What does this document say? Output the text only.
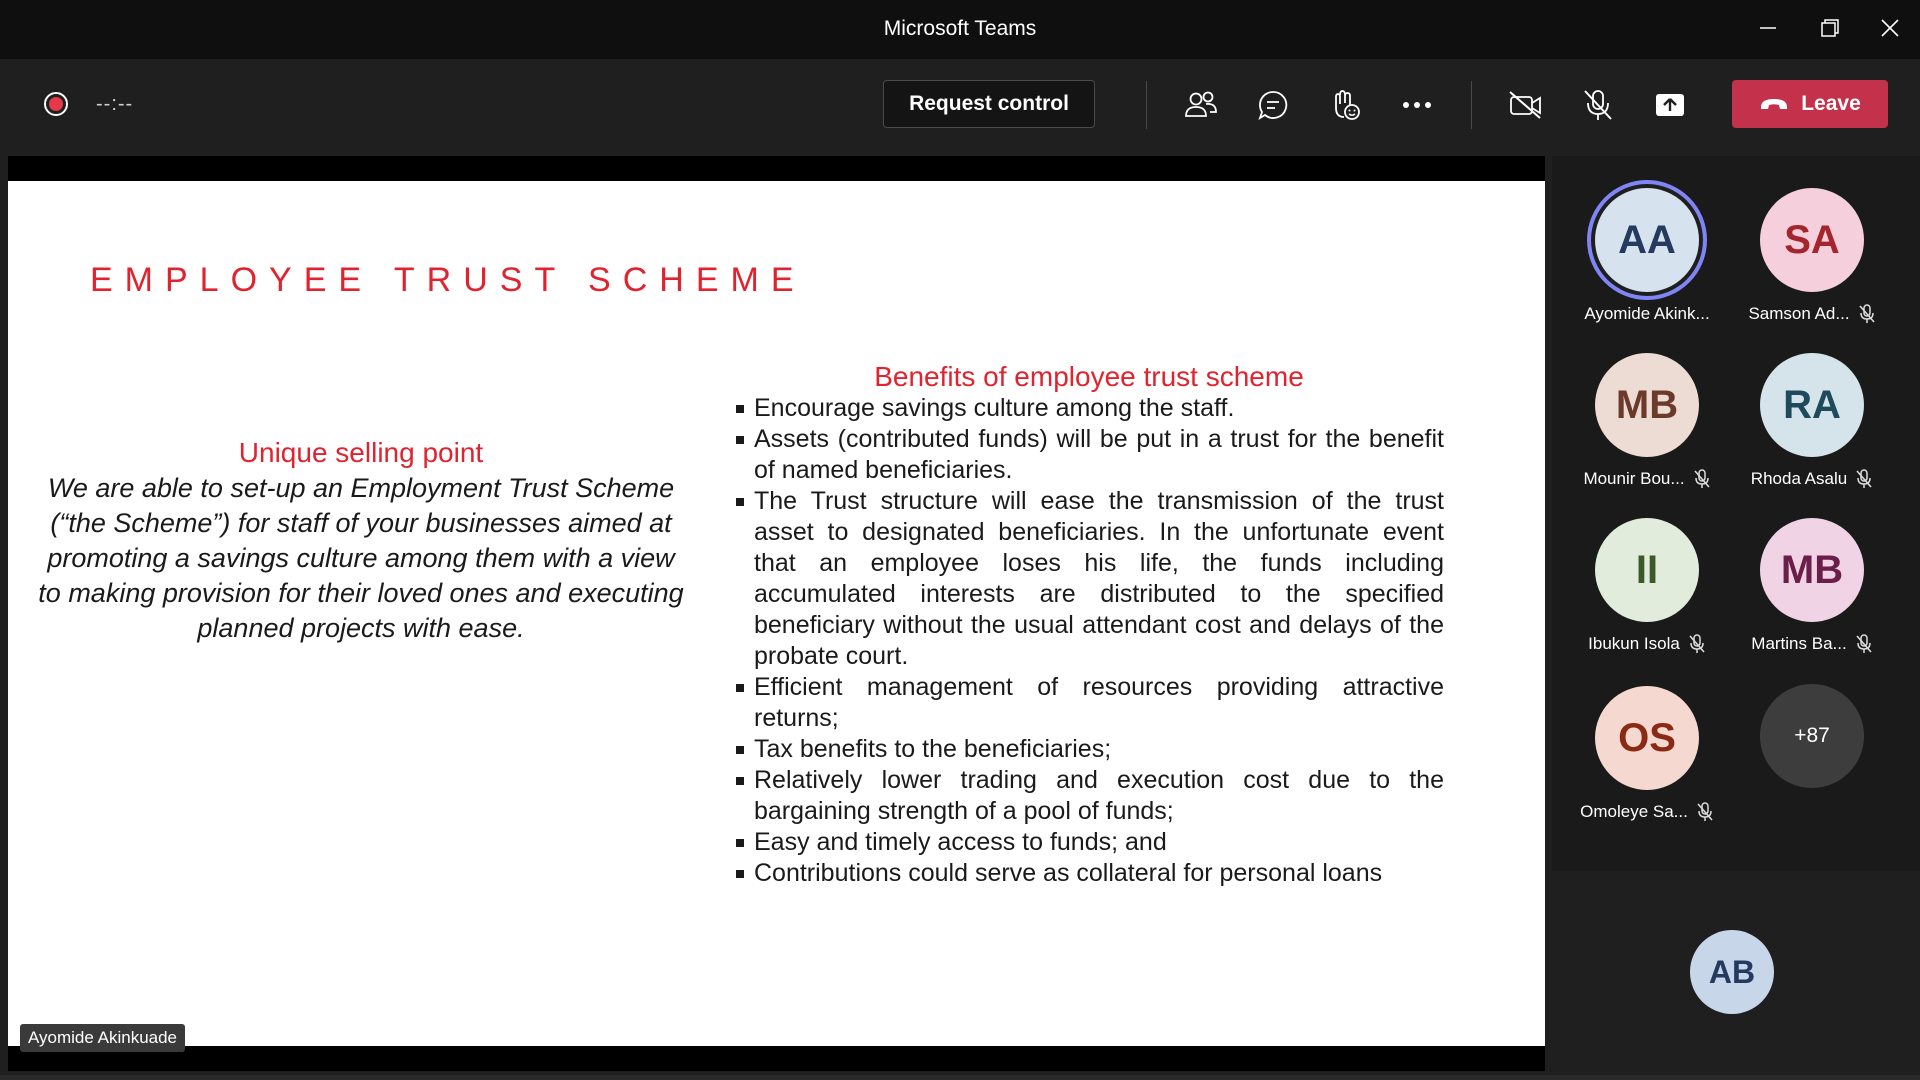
Microsoft Teams
--:--	Request control	Leave
EMPLOYEE TRUST SCHEME
Unique selling point
We are able to set-up an Employment Trust Scheme (“the Scheme”) for staff of your businesses aimed at promoting a savings culture among them with a view to making provision for their loved ones and executing planned projects with ease.
Benefits of employee trust scheme
Encourage savings culture among the staff.
Assets (contributed funds) will be put in a trust for the benefit of named beneficiaries.
The Trust structure will ease the transmission of the trust asset to designated beneficiaries. In the unfortunate event that an employee loses his life, the funds including accumulated interests are distributed to the specified beneficiary without the usual attendant cost and delays of the probate court.
Efficient management of resources providing attractive returns;
Tax benefits to the beneficiaries;
Relatively lower trading and execution cost due to the bargaining strength of a pool of funds;
Easy and timely access to funds; and
Contributions could serve as collateral for personal loans
Ayomide Akinkuade
AA
Ayomide Akink...
SA
Samson Ad...
MB
Mounir Bou...
RA
Rhoda Asalu
II
Ibukun Isola
MB
Martins Ba...
OS
Omoleye Sa...
+87
AB
